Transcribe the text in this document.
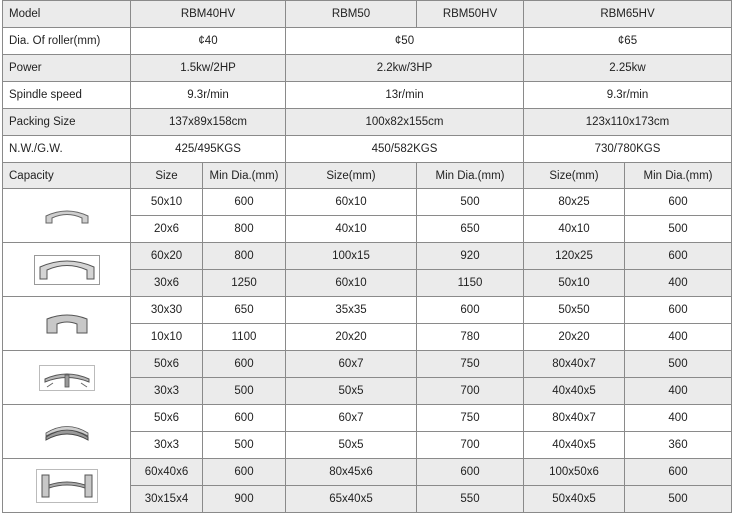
Model	RBM40HV		RBM50	RBM50HV	RBM65HV	
Dia. Of roller(mm)	¢40		¢50		¢65	
Power	1.5kw/2HP		2.2kw/3HP		2.25kw	
Spindle speed	9.3r/min		13r/min		9.3r/min	
Packing Size	137x89x158cm		100x82x155cm		123x110x173cm	
N.W./G.W.	425/495KGS		450/582KGS		730/780KGS	
Capacity	Size	Min Dia.(mm)	Size(mm)	Min Dia.(mm)	Size(mm)	Min Dia.(mm)

	50x10	600	60x10	500	80x25	600
	20x6	800	40x10	650	40x10	500

	60x20	800	100x15	920	120x25	600
	30x6	1250	60x10	1150	50x10	400

	30x30	650	35x35	600	50x50	600
	10x10	1100	20x20	780	20x20	400

	50x6	600	60x7	750	80x40x7	500
	30x3	500	50x5	700	40x40x5	400

	50x6	600	60x7	750	80x40x7	400
	30x3	500	50x5	700	40x40x5	360

	60x40x6	600	80x45x6	600	100x50x6	600
	30x15x4	900	65x40x5	550	50x40x5	500
